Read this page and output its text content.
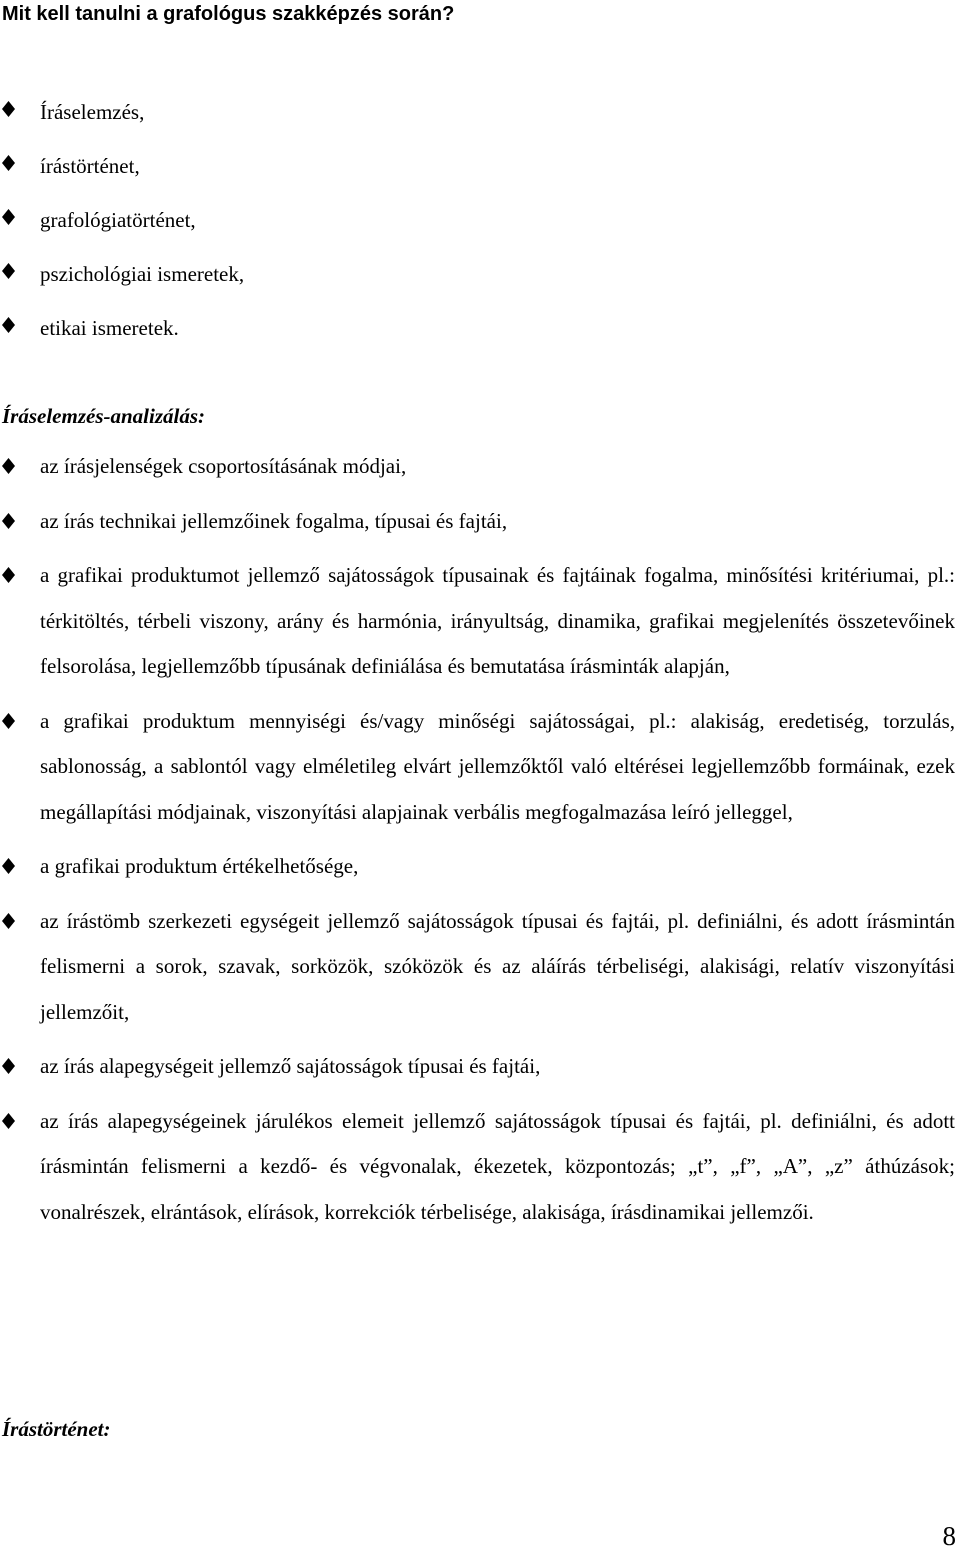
Mit kell tanulni a grafológus szakképzés során?
Íráselemzés,
írástörténet,
grafológiatörténet,
pszichológiai ismeretek,
etikai ismeretek.
Íráselemzés-analizálás:
az írásjelenségek csoportosításának módjai,
az írás technikai jellemzőinek fogalma, típusai és fajtái,
a grafikai produktumot jellemző sajátosságok típusainak és fajtáinak fogalma, minősítési kritériumai, pl.: térkitöltés, térbeli viszony, arány és harmónia, irányultság, dinamika, grafikai megjelenítés összetevőinek felsorolása, legjellemzőbb típusának definiálása és bemutatása írásminták alapján,
a grafikai produktum mennyiségi és/vagy minőségi sajátosságai, pl.: alakiság, eredetiség, torzulás, sablonosság, a sablontól vagy elméletileg elvárt jellemzőktől való eltérései legjellemzőbb formáinak, ezek megállapítási módjainak, viszonyítási alapjainak verbális megfogalmazása leíró jelleggel,
a grafikai produktum értékelhetősége,
az írástömb szerkezeti egységeit jellemző sajátosságok típusai és fajtái, pl. definiálni, és adott írásmintán felismerni a sorok, szavak, sorközök, szóközök és az aláírás térbeliségi, alakisági, relatív viszonyítási jellemzőit,
az írás alapegységeit jellemző sajátosságok típusai és fajtái,
az írás alapegységeinek járulékos elemeit jellemző sajátosságok típusai és fajtái, pl. definiálni, és adott írásmintán felismerni a kezdő- és végvonalak, ékezetek, központozás; „t”, „f”, „A”, „z” áthúzások; vonalrészek, elrántások, elírások, korrekciók térbelisége, alakisága, írásdinamikai jellemzői.
Írástörténet:
8
